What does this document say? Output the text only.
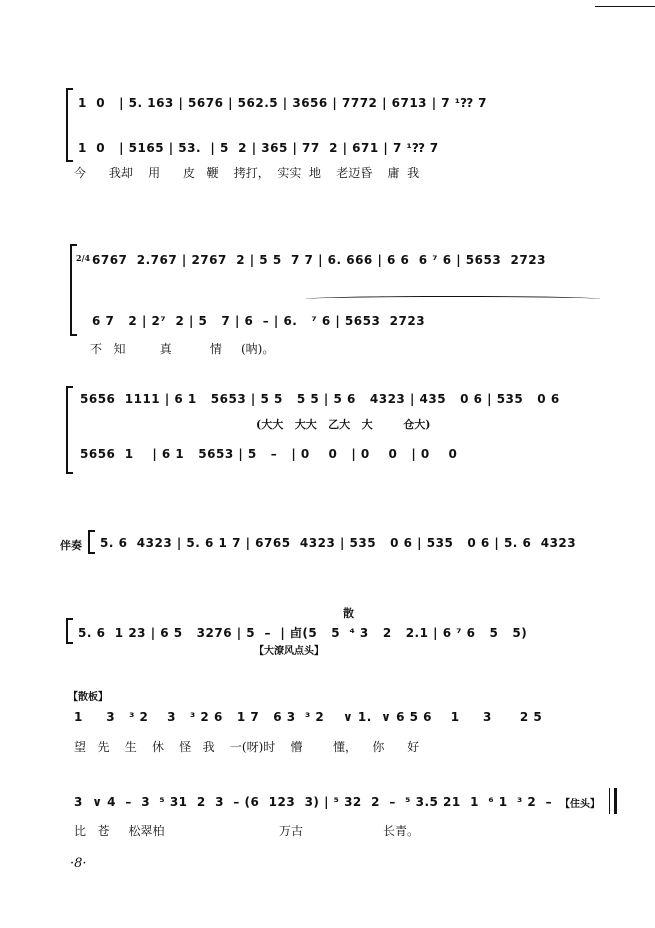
1  0   | 5. 163 | 5676 | 562.5 | 3656 | 7772 | 6713 | 7 ¹⁇ 7
1  0   | 5165 | 53.  | 5  2 | 365 | 77  2 | 671 | 7 ¹⁇ 7
今      我却    用      皮   鞭    拷打，  实实  地    老迈昏    庸  我
2/4 6767  2.767 | 2767  2 | 5 5  7 7 | 6. 666 | 6 6  6 ⁷ 6 | 5653  2723
6 7   2 | 2⁷  2 | 5   7 | 6  – | 6.   ⁷ 6 | 5653  2723
不   知         真          情     (呐)。
5656  1111 | 6 1   5653 | 5 5   5 5 | 5 6   4323 | 435   0 6 | 535   0 6
(大大   大大   乙大   大        仓大)
5656  1    | 6 1   5653 | 5   –   | 0    0   | 0    0   | 0    0
伴奏 5. 6  4323 | 5. 6 1 7 | 6765  4323 | 535   0 6 | 535   0 6 | 5. 6  4323
散
5. 6  1 23 | 6 5   3276 | 5  –  | 卣(5   5  ⁴ 3   2   2.1 | 6 ⁷ 6   5   5)
【大潦风点头】
【散板】
1     3   ³ 2    3   ³ 2 6   1 7   6 3  ³ 2    ∨ 1.  ∨ 6 5 6    1     3      2 5
望   先    生    休    怪   我    一(呀)时    懵        懂，    你      好
3  ∨ 4  –  3  ⁵ 31  2  3  – (6  123  3) | ⁵ 32  2  –  ⁵ 3.5 21  1  ⁶ 1  ³ 2  – 【住头】
比   苍     松翠柏                              万古                     长青。
·8·
